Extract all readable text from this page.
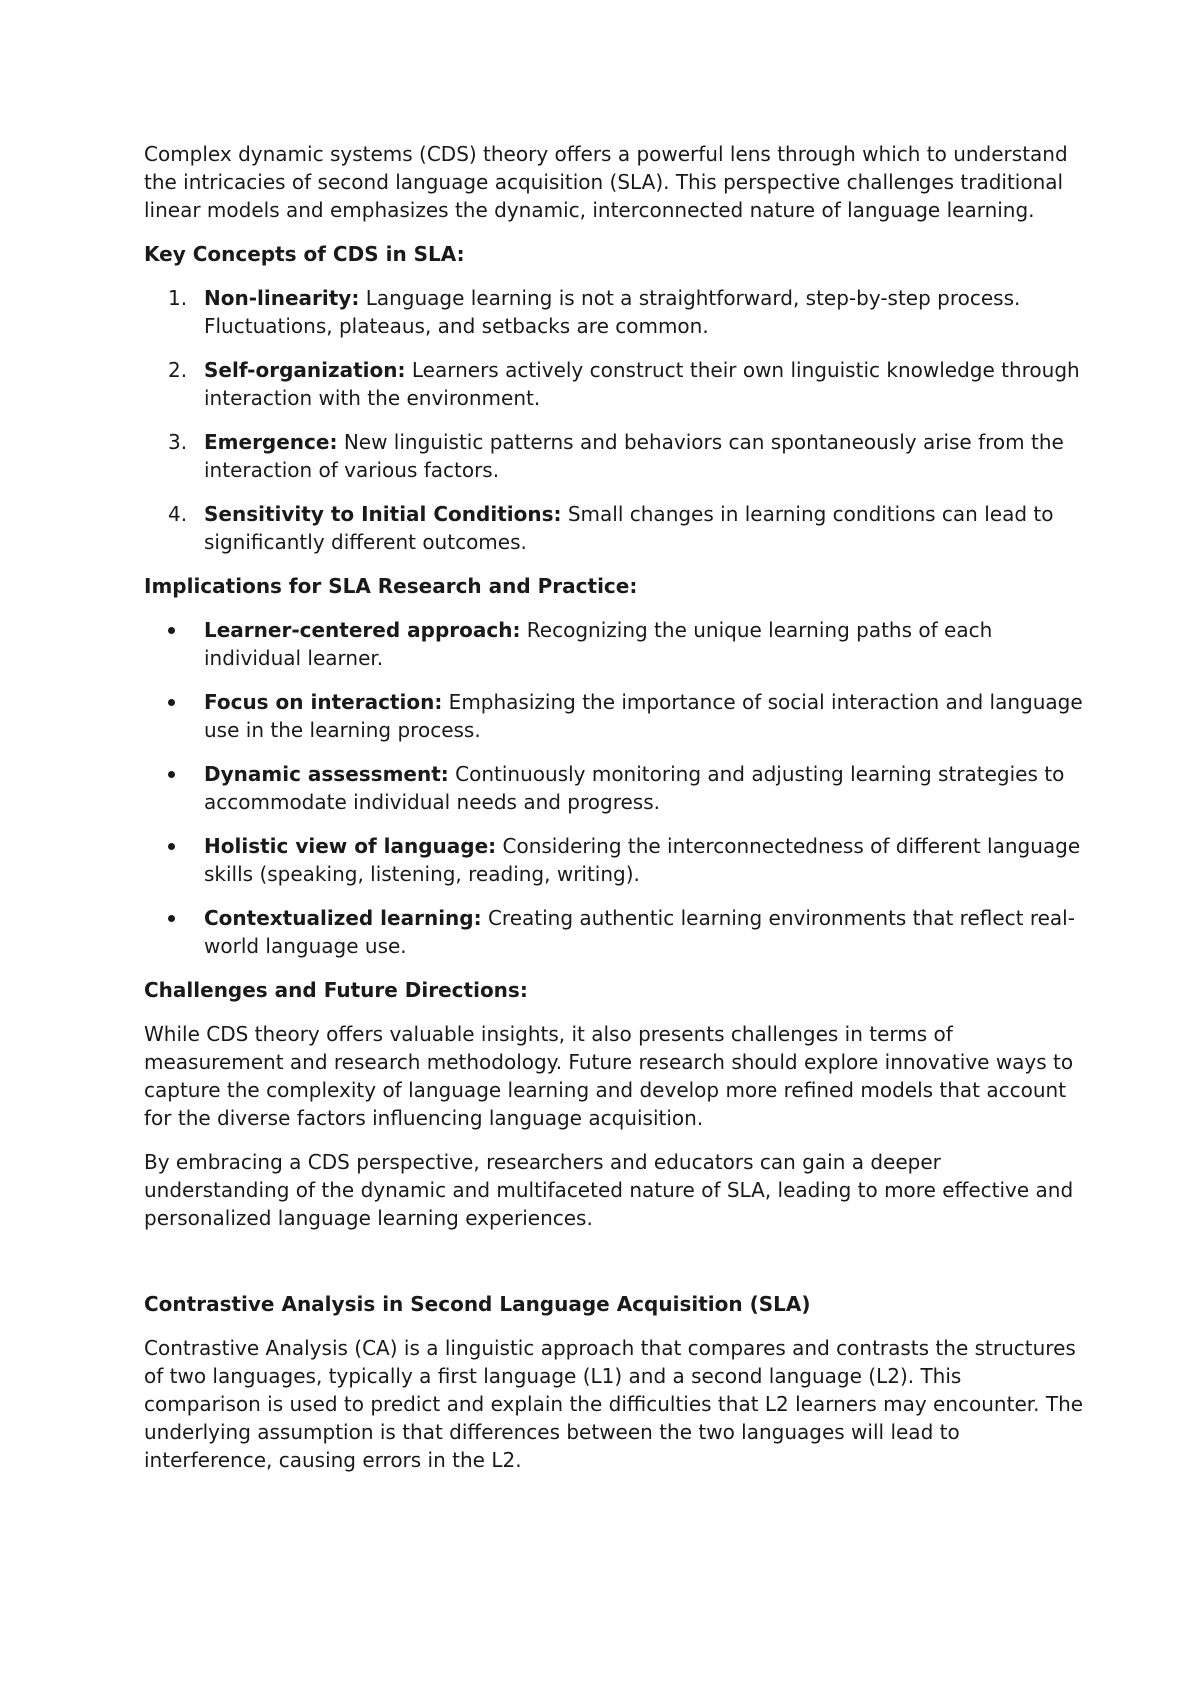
Complex dynamic systems (CDS) theory offers a powerful lens through which to understand the intricacies of second language acquisition (SLA). This perspective challenges traditional linear models and emphasizes the dynamic, interconnected nature of language learning.

Key Concepts of CDS in SLA:
1. Non-linearity: Language learning is not a straightforward, step-by-step process. Fluctuations, plateaus, and setbacks are common.
2. Self-organization: Learners actively construct their own linguistic knowledge through interaction with the environment.
3. Emergence: New linguistic patterns and behaviors can spontaneously arise from the interaction of various factors.
4. Sensitivity to Initial Conditions: Small changes in learning conditions can lead to significantly different outcomes.
Implications for SLA Research and Practice:
Learner-centered approach: Recognizing the unique learning paths of each individual learner.
Focus on interaction: Emphasizing the importance of social interaction and language use in the learning process.
Dynamic assessment: Continuously monitoring and adjusting learning strategies to accommodate individual needs and progress.
Holistic view of language: Considering the interconnectedness of different language skills (speaking, listening, reading, writing).
Contextualized learning: Creating authentic learning environments that reflect real-world language use.
Challenges and Future Directions:

While CDS theory offers valuable insights, it also presents challenges in terms of measurement and research methodology. Future research should explore innovative ways to capture the complexity of language learning and develop more refined models that account for the diverse factors influencing language acquisition.

By embracing a CDS perspective, researchers and educators can gain a deeper understanding of the dynamic and multifaceted nature of SLA, leading to more effective and personalized language learning experiences.

Contrastive Analysis in Second Language Acquisition (SLA)

Contrastive Analysis (CA) is a linguistic approach that compares and contrasts the structures of two languages, typically a first language (L1) and a second language (L2). This comparison is used to predict and explain the difficulties that L2 learners may encounter. The underlying assumption is that differences between the two languages will lead to interference, causing errors in the L2.
